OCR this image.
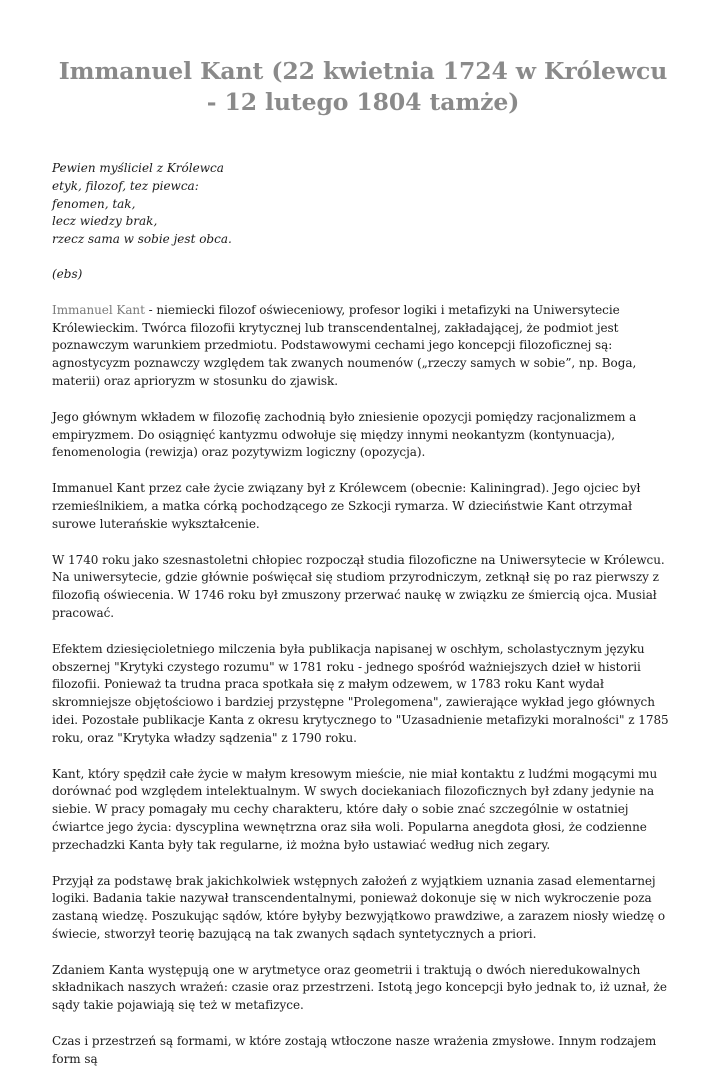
Immanuel Kant (22 kwietnia 1724 w Królewcu - 12 lutego 1804 tamże)
Pewien myśliciel z Królewca
etyk, filozof, tez piewca:
fenomen, tak,
lecz wiedzy brak,
rzecz sama w sobie jest obca.
(ebs)

Immanuel Kant - niemiecki filozof oświeceniowy, profesor logiki i metafizyki na Uniwersytecie Królewieckim. Twórca filozofii krytycznej lub transcendentalnej, zakładającej, że podmiot jest poznawczym warunkiem przedmiotu. Podstawowymi cechami jego koncepcji filozoficznej są: agnostycyzm poznawczy względem tak zwanych noumenów („rzeczy samych w sobie”, np. Boga, materii) oraz aprioryzm w stosunku do zjawisk.

Jego głównym wkładem w filozofię zachodnią było zniesienie opozycji pomiędzy racjonalizmem a empiryzmem. Do osiągnięć kantyzmu odwołuje się między innymi neokantyzm (kontynuacja), fenomenologia (rewizja) oraz pozytywizm logiczny (opozycja).

Immanuel Kant przez całe życie związany był z Królewcem (obecnie: Kaliningrad). Jego ojciec był rzemieślnikiem, a matka córką pochodzącego ze Szkocji rymarza. W dzieciństwie Kant otrzymał surowe luterańskie wykształcenie.

W 1740 roku jako szesnastoletni chłopiec rozpoczął studia filozoficzne na Uniwersytecie w Królewcu. Na uniwersytecie, gdzie głównie poświęcał się studiom przyrodniczym, zetknął się po raz pierwszy z filozofią oświecenia. W 1746 roku był zmuszony przerwać naukę w związku ze śmiercią ojca. Musiał pracować.

Efektem dziesięcioletniego milczenia była publikacja napisanej w oschłym, scholastycznym języku obszernej "Krytyki czystego rozumu" w 1781 roku - jednego spośród ważniejszych dzieł w historii filozofii. Ponieważ ta trudna praca spotkała się z małym odzewem, w 1783 roku Kant wydał skromniejsze objętościowo i bardziej przystępne "Prolegomena", zawierające wykład jego głównych idei. Pozostałe publikacje Kanta z okresu krytycznego to "Uzasadnienie metafizyki moralności" z 1785 roku, oraz "Krytyka władzy sądzenia" z 1790 roku.

Kant, który spędził całe życie w małym kresowym mieście, nie miał kontaktu z ludźmi mogącymi mu dorównać pod względem intelektualnym. W swych dociekaniach filozoficznych był zdany jedynie na siebie. W pracy pomagały mu cechy charakteru, które dały o sobie znać szczególnie w ostatniej ćwiartce jego życia: dyscyplina wewnętrzna oraz siła woli. Popularna anegdota głosi, że codzienne przechadzki Kanta były tak regularne, iż można było ustawiać według nich zegary.

Przyjął za podstawę brak jakichkolwiek wstępnych założeń z wyjątkiem uznania zasad elementarnej logiki. Badania takie nazywał transcendentalnymi, ponieważ dokonuje się w nich wykroczenie poza zastaną wiedzę. Poszukując sądów, które byłyby bezwyjątkowo prawdziwe, a zarazem niosły wiedzę o świecie, stworzył teorię bazującą na tak zwanych sądach syntetycznych a priori.

Zdaniem Kanta występują one w arytmetyce oraz geometrii i traktują o dwóch nieredukowalnych składnikach naszych wrażeń: czasie oraz przestrzeni. Istotą jego koncepcji było jednak to, iż uznał, że sądy takie pojawiają się też w metafizyce.

Czas i przestrzeń są formami, w które zostają wtłoczone nasze wrażenia zmysłowe. Innym rodzajem form są
